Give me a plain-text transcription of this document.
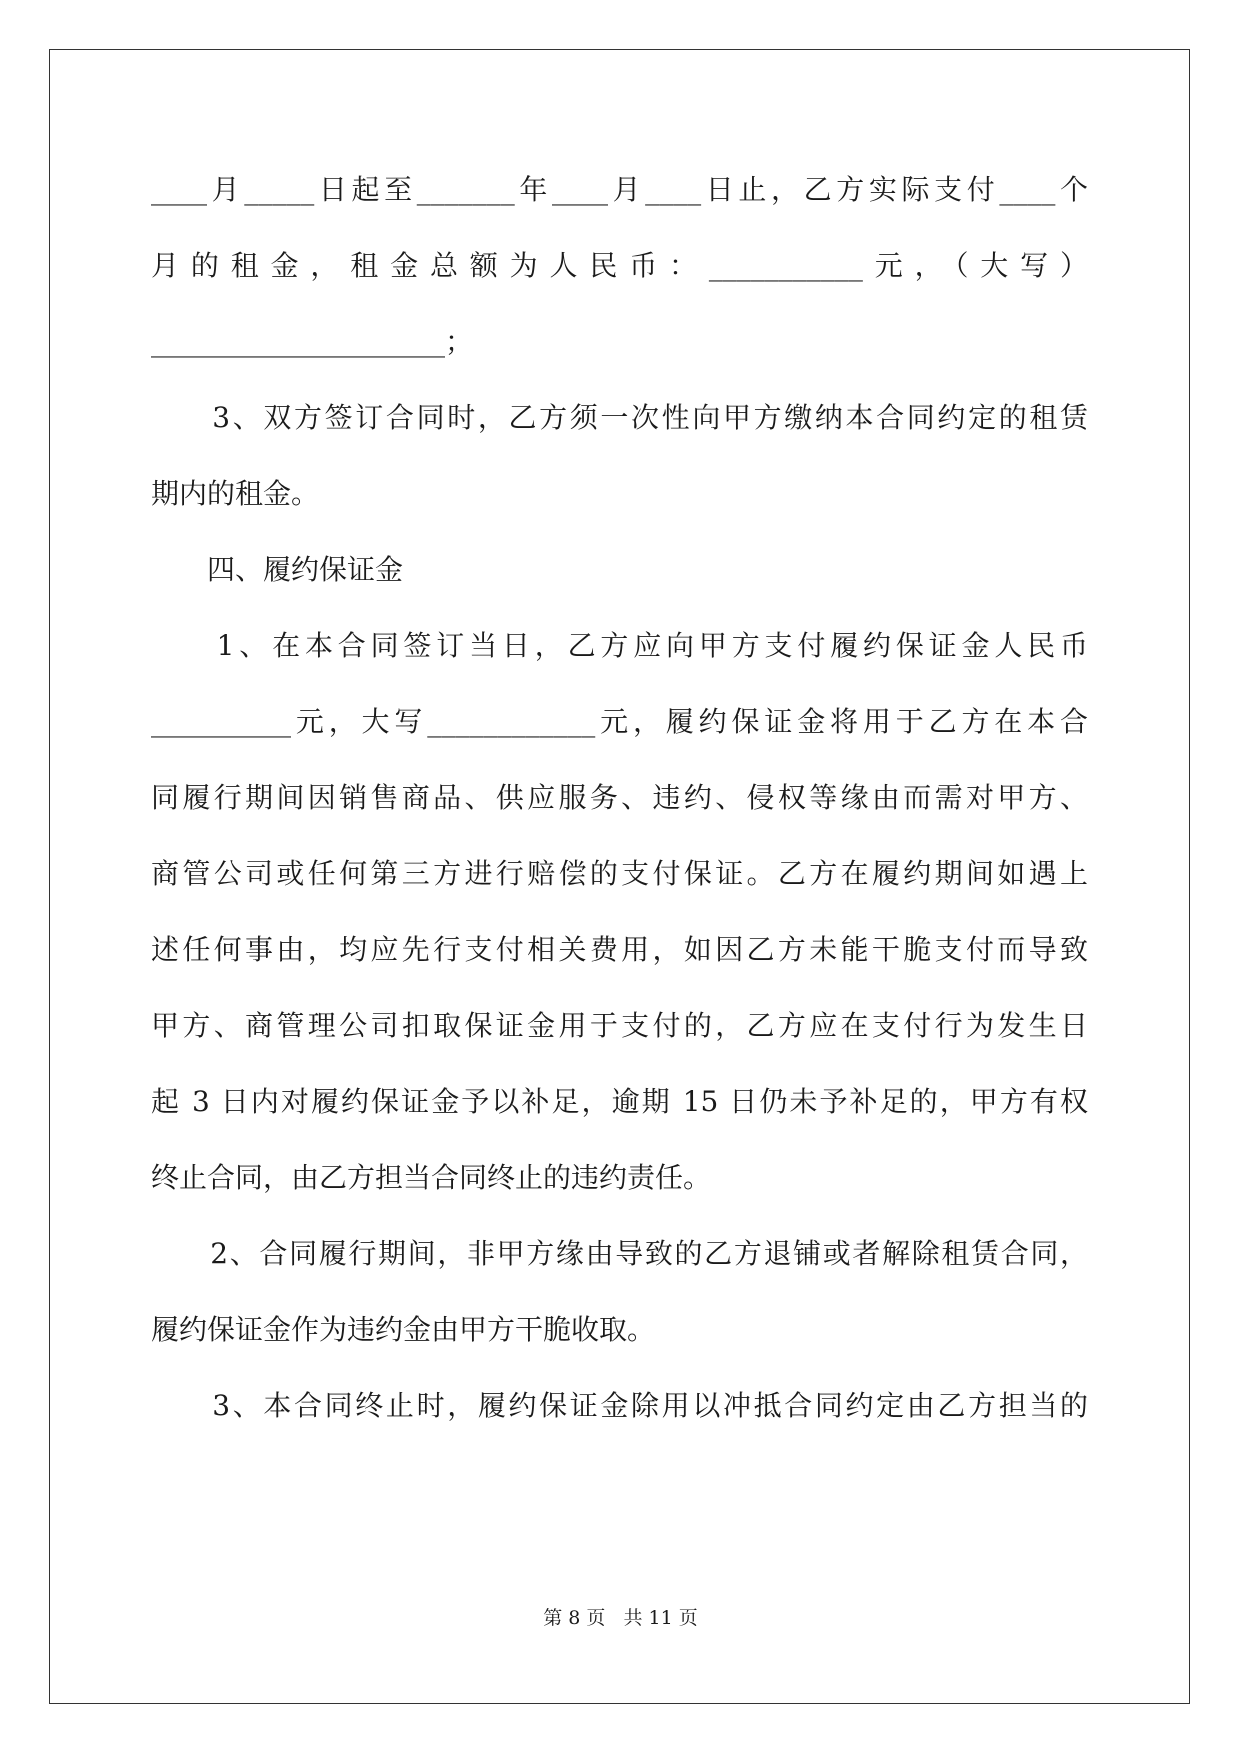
____月_____日起至_______年____月____日止，乙方实际支付____个
月的租金，租金总额为人民币：___________元，（大写）
_____________________；
　　3、双方签订合同时，乙方须一次性向甲方缴纳本合同约定的租赁
期内的租金。
　　四、履约保证金
　　1、在本合同签订当日，乙方应向甲方支付履约保证金人民币
__________元，大写____________元，履约保证金将用于乙方在本合
同履行期间因销售商品、供应服务、违约、侵权等缘由而需对甲方、
商管公司或任何第三方进行赔偿的支付保证。乙方在履约期间如遇上
述任何事由，均应先行支付相关费用，如因乙方未能干脆支付而导致
甲方、商管理公司扣取保证金用于支付的，乙方应在支付行为发生日
起 3 日内对履约保证金予以补足，逾期 15 日仍未予补足的，甲方有权
终止合同，由乙方担当合同终止的违约责任。
　　2、合同履行期间，非甲方缘由导致的乙方退铺或者解除租赁合同，
履约保证金作为违约金由甲方干脆收取。
　　3、本合同终止时，履约保证金除用以冲抵合同约定由乙方担当的
第 8 页 共 11 页
